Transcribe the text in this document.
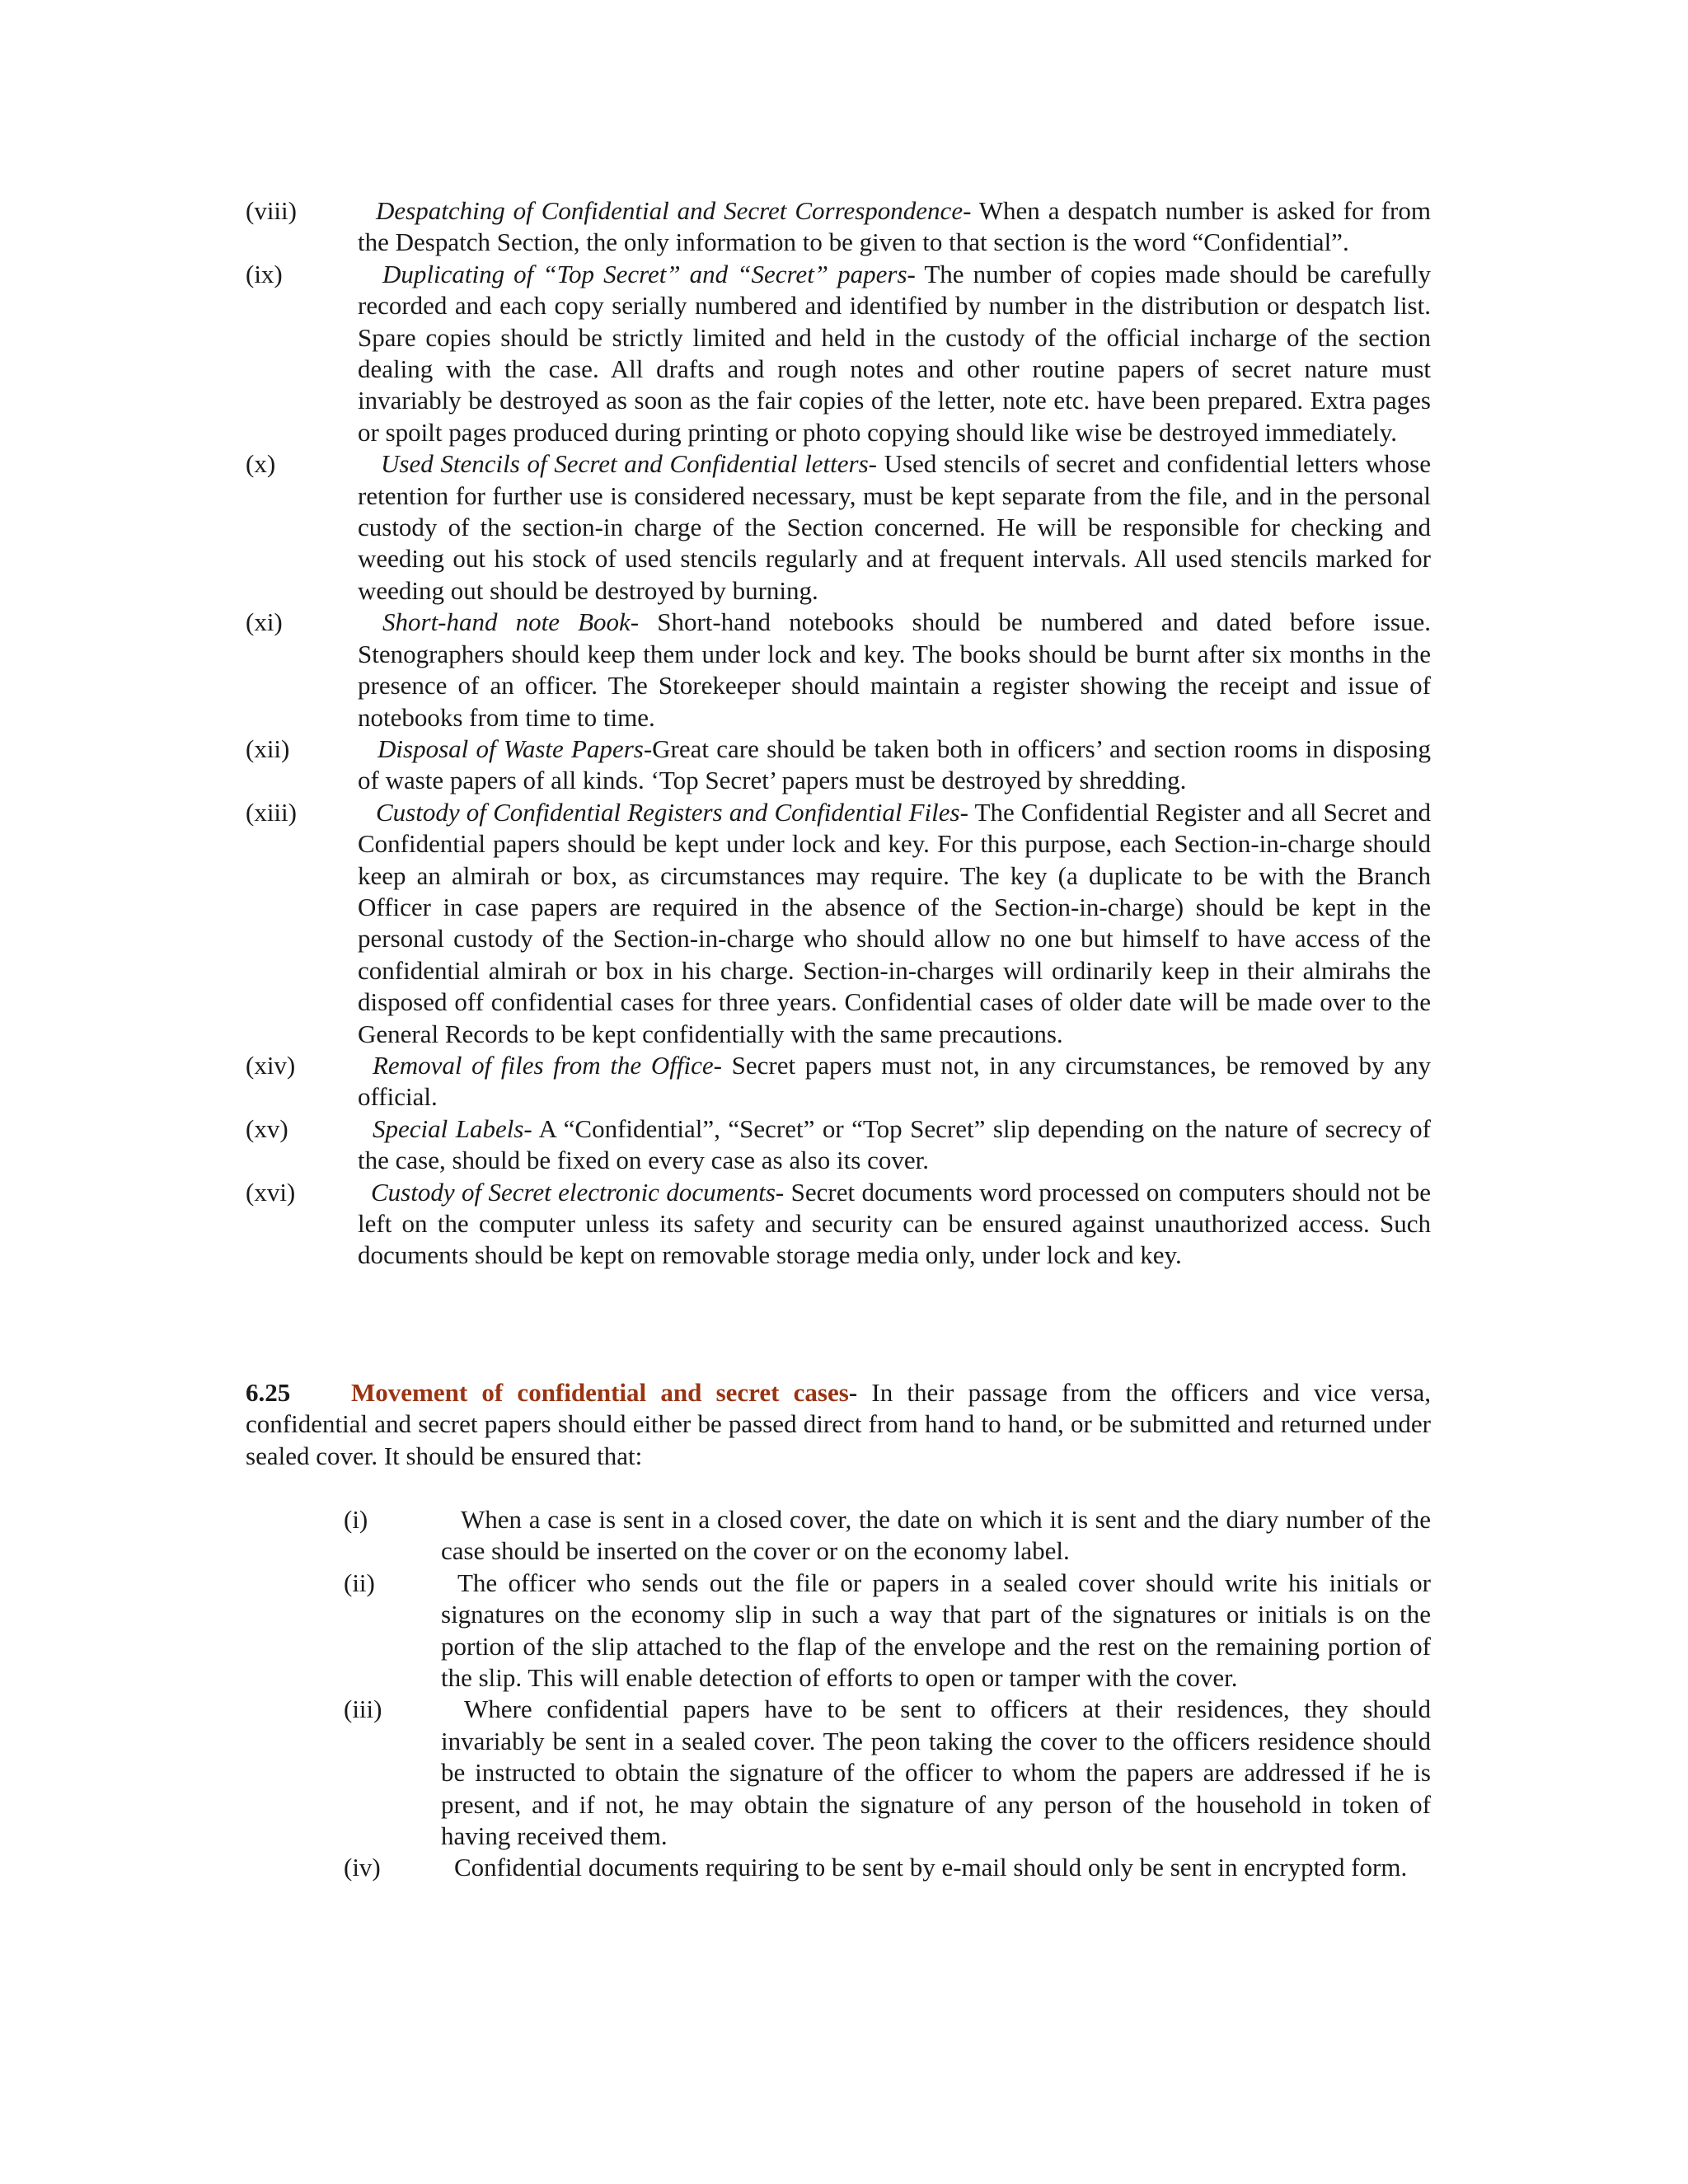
(viii)	Despatching of Confidential and Secret Correspondence- When a despatch number is asked for from the Despatch Section, the only information to be given to that section is the word “Confidential”.

(ix)	Duplicating of “Top Secret” and “Secret” papers- The number of copies made should be carefully recorded and each copy serially numbered and identified by number in the distribution or despatch list. Spare copies should be strictly limited and held in the custody of the official incharge of the section dealing with the case. All drafts and rough notes and other routine papers of secret nature must invariably be destroyed as soon as the fair copies of the letter, note etc. have been prepared. Extra pages or spoilt pages produced during printing or photo copying should like wise be destroyed immediately.

(x)	Used Stencils of Secret and Confidential letters- Used stencils of secret and confidential letters whose retention for further use is considered necessary, must be kept separate from the file, and in the personal custody of the section-in charge of the Section concerned. He will be responsible for checking and weeding out his stock of used stencils regularly and at frequent intervals. All used stencils marked for weeding out should be destroyed by burning.

(xi)	Short-hand note Book- Short-hand notebooks should be numbered and dated before issue. Stenographers should keep them under lock and key. The books should be burnt after six months in the presence of an officer. The Storekeeper should maintain a register showing the receipt and issue of notebooks from time to time.

(xii)	Disposal of Waste Papers-Great care should be taken both in officers’ and section rooms in disposing of waste papers of all kinds. ‘Top Secret’ papers must be destroyed by shredding.

(xiii)	Custody of Confidential Registers and Confidential Files- The Confidential Register and all Secret and Confidential papers should be kept under lock and key. For this purpose, each Section-in-charge should keep an almirah or box, as circumstances may require. The key (a duplicate to be with the Branch Officer in case papers are required in the absence of the Section-in-charge) should be kept in the personal custody of the Section-in-charge who should allow no one but himself to have access of the confidential almirah or box in his charge. Section-in-charges will ordinarily keep in their almirahs the disposed off confidential cases for three years. Confidential cases of older date will be made over to the General Records to be kept confidentially with the same precautions.

(xiv)	Removal of files from the Office- Secret papers must not, in any circumstances, be removed by any official.

(xv)	Special Labels- A “Confidential”, “Secret” or “Top Secret” slip depending on the nature of secrecy of the case, should be fixed on every case as also its cover.

(xvi)	Custody of Secret electronic documents- Secret documents word processed on computers should not be left on the computer unless its safety and security can be ensured against unauthorized access. Such documents should be kept on removable storage media only, under lock and key.

6.25 Movement of confidential and secret cases- In their passage from the officers and vice versa, confidential and secret papers should either be passed direct from hand to hand, or be submitted and returned under sealed cover. It should be ensured that:

(i)	When a case is sent in a closed cover, the date on which it is sent and the diary number of the case should be inserted on the cover or on the economy label.

(ii)	The officer who sends out the file or papers in a sealed cover should write his initials or signatures on the economy slip in such a way that part of the signatures or initials is on the portion of the slip attached to the flap of the envelope and the rest on the remaining portion of the slip. This will enable detection of efforts to open or tamper with the cover.

(iii)	Where confidential papers have to be sent to officers at their residences, they should invariably be sent in a sealed cover. The peon taking the cover to the officers residence should be instructed to obtain the signature of the officer to whom the papers are addressed if he is present, and if not, he may obtain the signature of any person of the household in token of having received them.

(iv)	Confidential documents requiring to be sent by e-mail should only be sent in encrypted form.
